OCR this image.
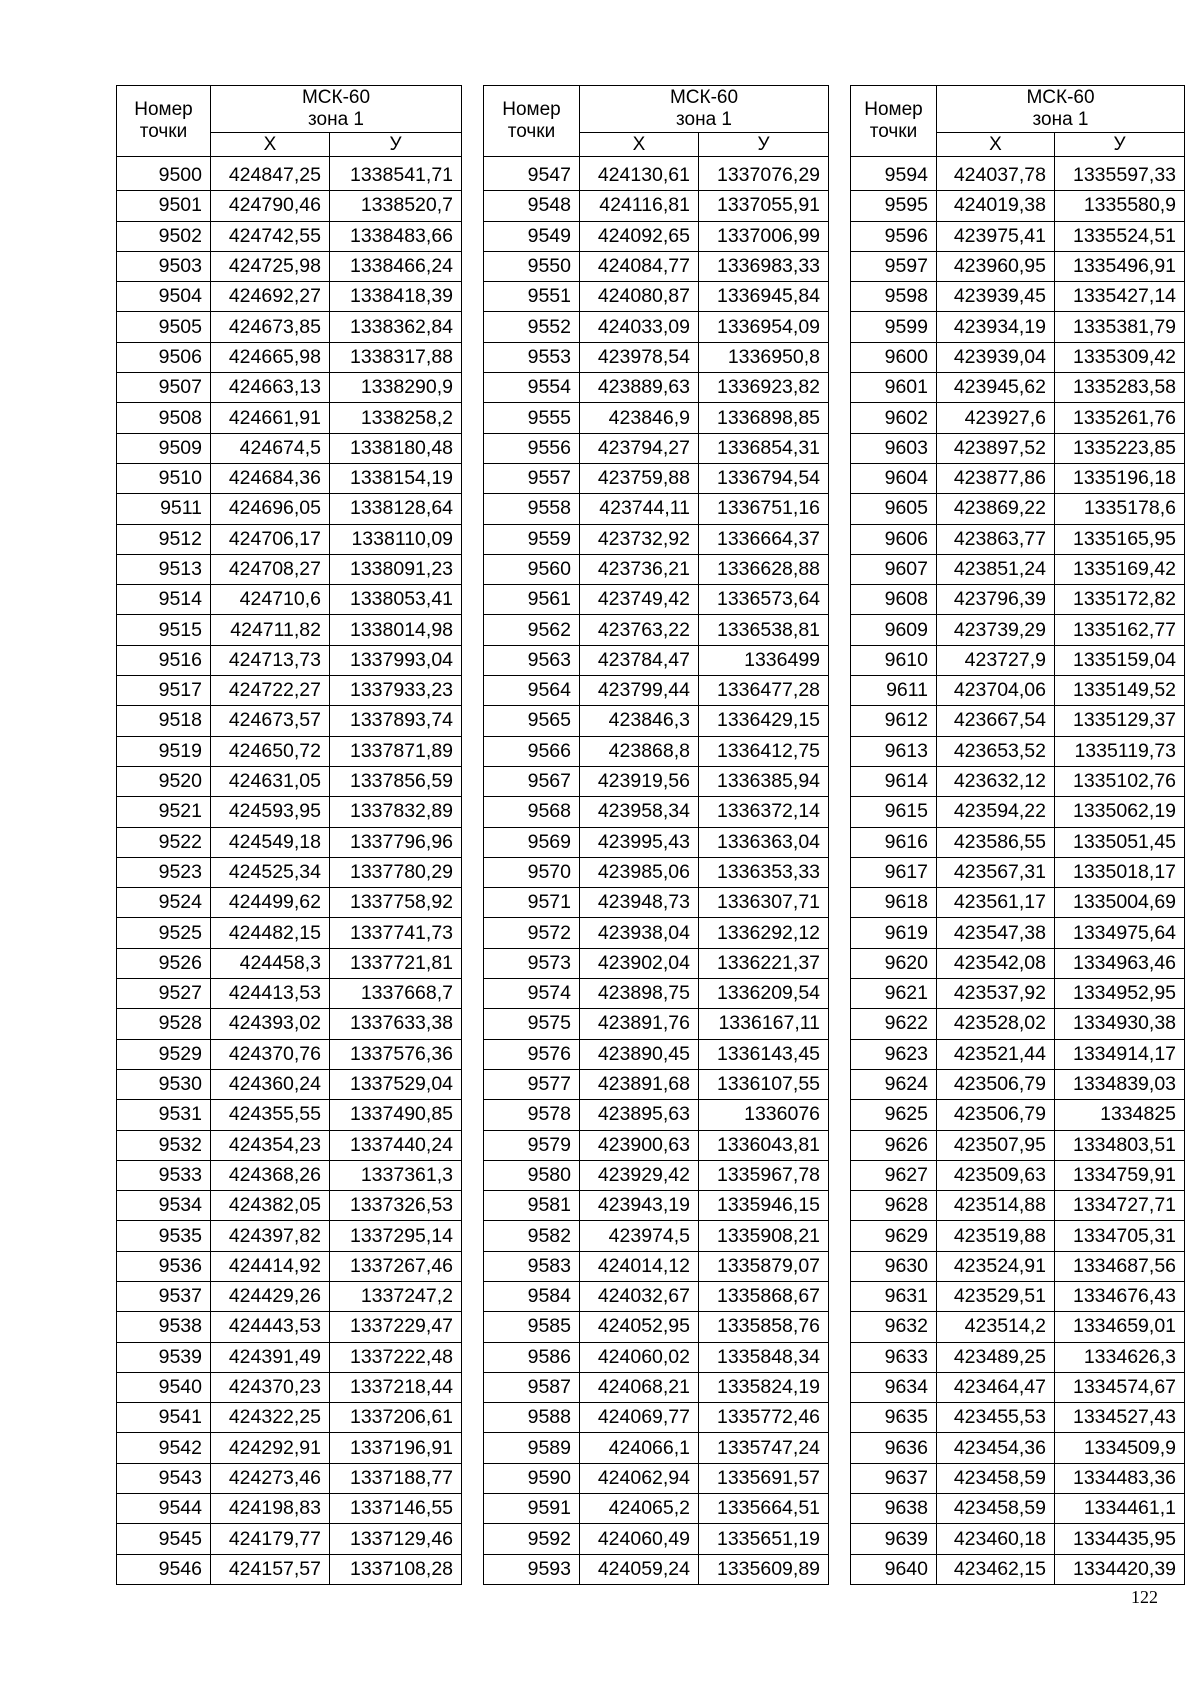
Номер точки	МСК-60
зона 1	

	Х	У
9500	424847,25	1338541,71
9501	424790,46	1338520,7
9502	424742,55	1338483,66
9503	424725,98	1338466,24
9504	424692,27	1338418,39
9505	424673,85	1338362,84
9506	424665,98	1338317,88
9507	424663,13	1338290,9
9508	424661,91	1338258,2
9509	424674,5	1338180,48
9510	424684,36	1338154,19
9511	424696,05	1338128,64
9512	424706,17	1338110,09
9513	424708,27	1338091,23
9514	424710,6	1338053,41
9515	424711,82	1338014,98
9516	424713,73	1337993,04
9517	424722,27	1337933,23
9518	424673,57	1337893,74
9519	424650,72	1337871,89
9520	424631,05	1337856,59
9521	424593,95	1337832,89
9522	424549,18	1337796,96
9523	424525,34	1337780,29
9524	424499,62	1337758,92
9525	424482,15	1337741,73
9526	424458,3	1337721,81
9527	424413,53	1337668,7
9528	424393,02	1337633,38
9529	424370,76	1337576,36
9530	424360,24	1337529,04
9531	424355,55	1337490,85
9532	424354,23	1337440,24
9533	424368,26	1337361,3
9534	424382,05	1337326,53
9535	424397,82	1337295,14
9536	424414,92	1337267,46
9537	424429,26	1337247,2
9538	424443,53	1337229,47
9539	424391,49	1337222,48
9540	424370,23	1337218,44
9541	424322,25	1337206,61
9542	424292,91	1337196,91
9543	424273,46	1337188,77
9544	424198,83	1337146,55
9545	424179,77	1337129,46
9546	424157,57	1337108,28
Номер точки	МСК-60
зона 1	

	Х	У
9547	424130,61	1337076,29
9548	424116,81	1337055,91
9549	424092,65	1337006,99
9550	424084,77	1336983,33
9551	424080,87	1336945,84
9552	424033,09	1336954,09
9553	423978,54	1336950,8
9554	423889,63	1336923,82
9555	423846,9	1336898,85
9556	423794,27	1336854,31
9557	423759,88	1336794,54
9558	423744,11	1336751,16
9559	423732,92	1336664,37
9560	423736,21	1336628,88
9561	423749,42	1336573,64
9562	423763,22	1336538,81
9563	423784,47	1336499
9564	423799,44	1336477,28
9565	423846,3	1336429,15
9566	423868,8	1336412,75
9567	423919,56	1336385,94
9568	423958,34	1336372,14
9569	423995,43	1336363,04
9570	423985,06	1336353,33
9571	423948,73	1336307,71
9572	423938,04	1336292,12
9573	423902,04	1336221,37
9574	423898,75	1336209,54
9575	423891,76	1336167,11
9576	423890,45	1336143,45
9577	423891,68	1336107,55
9578	423895,63	1336076
9579	423900,63	1336043,81
9580	423929,42	1335967,78
9581	423943,19	1335946,15
9582	423974,5	1335908,21
9583	424014,12	1335879,07
9584	424032,67	1335868,67
9585	424052,95	1335858,76
9586	424060,02	1335848,34
9587	424068,21	1335824,19
9588	424069,77	1335772,46
9589	424066,1	1335747,24
9590	424062,94	1335691,57
9591	424065,2	1335664,51
9592	424060,49	1335651,19
9593	424059,24	1335609,89
Номер точки	МСК-60
зона 1	

	Х	У
9594	424037,78	1335597,33
9595	424019,38	1335580,9
9596	423975,41	1335524,51
9597	423960,95	1335496,91
9598	423939,45	1335427,14
9599	423934,19	1335381,79
9600	423939,04	1335309,42
9601	423945,62	1335283,58
9602	423927,6	1335261,76
9603	423897,52	1335223,85
9604	423877,86	1335196,18
9605	423869,22	1335178,6
9606	423863,77	1335165,95
9607	423851,24	1335169,42
9608	423796,39	1335172,82
9609	423739,29	1335162,77
9610	423727,9	1335159,04
9611	423704,06	1335149,52
9612	423667,54	1335129,37
9613	423653,52	1335119,73
9614	423632,12	1335102,76
9615	423594,22	1335062,19
9616	423586,55	1335051,45
9617	423567,31	1335018,17
9618	423561,17	1335004,69
9619	423547,38	1334975,64
9620	423542,08	1334963,46
9621	423537,92	1334952,95
9622	423528,02	1334930,38
9623	423521,44	1334914,17
9624	423506,79	1334839,03
9625	423506,79	1334825
9626	423507,95	1334803,51
9627	423509,63	1334759,91
9628	423514,88	1334727,71
9629	423519,88	1334705,31
9630	423524,91	1334687,56
9631	423529,51	1334676,43
9632	423514,2	1334659,01
9633	423489,25	1334626,3
9634	423464,47	1334574,67
9635	423455,53	1334527,43
9636	423454,36	1334509,9
9637	423458,59	1334483,36
9638	423458,59	1334461,1
9639	423460,18	1334435,95
9640	423462,15	1334420,39
122
